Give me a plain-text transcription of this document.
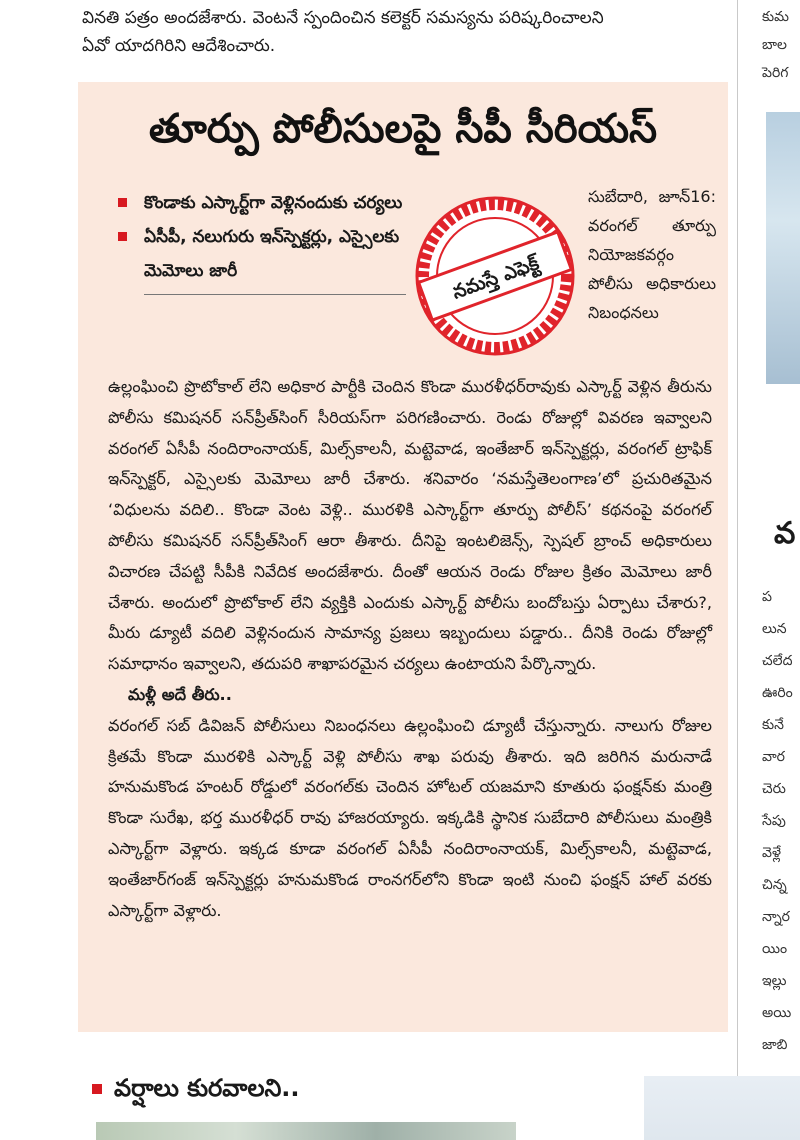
వినతి పత్రం అందజేశారు. వెంటనే స్పందించిన కలెక్టర్ సమస్యను పరిష్కరించాలని

ఏవో యాదగిరిని ఆదేశించారు.

తూర్పు పోలీసులపై సీపీ సీరియస్
కొండాకు ఎస్కార్ట్‌గా వెళ్లినందుకు చర్యలు
ఏసీపీ, నలుగురు ఇన్‌స్పెక్టర్లు, ఎస్సైలకు మెమోలు జారీ	నమస్తే ఎఫెక్ట్
సుబేదారి, జూన్16: వరంగల్ తూర్పు నియోజకవర్గం పోలీసు అధికారులు నిబంధనలు

ఉల్లంఘించి ప్రొటోకాల్ లేని అధికార పార్టీకి చెందిన కొండా మురళీధర్‌రావుకు ఎస్కార్ట్ వెళ్లిన తీరును పోలీసు కమిషనర్ సన్‌ప్రీత్‌సింగ్ సీరియస్‌గా పరిగణించారు. రెండు రోజుల్లో వివరణ ఇవ్వాలని వరంగల్ ఏసీపీ నందిరాంనాయక్, మిల్స్‌కాలనీ, మట్టెవాడ, ఇంతేజార్ ఇన్‌స్పెక్టర్లు, వరంగల్ ట్రాఫిక్ ఇన్‌స్పెక్టర్, ఎస్సైలకు మెమోలు జారీ చేశారు. శనివారం ‘నమస్తేతెలంగాణ’లో ప్రచురితమైన ‘విధులను వదిలి.. కొండా వెంట వెళ్లి.. మురళికి ఎస్కార్ట్‌గా తూర్పు పోలీస్’ కథనంపై వరంగల్ పోలీసు కమిషనర్ సన్‌ప్రీత్‌సింగ్ ఆరా తీశారు. దీనిపై ఇంటలిజెన్స్, స్పెషల్ బ్రాంచ్ అధికారులు విచారణ చేపట్టి సీపీకి నివేదిక అందజేశారు. దీంతో ఆయన రెండు రోజుల క్రితం మెమోలు జారీ చేశారు. అందులో ప్రొటోకాల్ లేని వ్యక్తికి ఎందుకు ఎస్కార్ట్ పోలీసు బందోబస్తు ఏర్పాటు చేశారు?, మీరు డ్యూటీ వదిలి వెళ్లినందున సామాన్య ప్రజలు ఇబ్బందులు పడ్డారు.. దీనికి రెండు రోజుల్లో సమాధానం ఇవ్వాలని, తదుపరి శాఖాపరమైన చర్యలు ఉంటాయని పేర్కొన్నారు.

మళ్లీ అదే తీరు..

వరంగల్ సబ్ డివిజన్ పోలీసులు నిబంధనలు ఉల్లంఘించి డ్యూటీ చేస్తున్నారు. నాలుగు రోజుల క్రితమే కొండా మురళికి ఎస్కార్ట్ వెళ్లి పోలీసు శాఖ పరువు తీశారు. ఇది జరిగిన మరునాడే హనుమకొండ హంటర్ రోడ్డులో వరంగల్‌కు చెందిన హోటల్ యజమాని కూతురు ఫంక్షన్‌కు మంత్రి కొండా సురేఖ, భర్త మురళీధర్ రావు హాజరయ్యారు. ఇక్కడికి స్థానిక సుబేదారి పోలీసులు మంత్రికి ఎస్కార్ట్‌గా వెళ్లారు. ఇక్కడ కూడా వరంగల్ ఏసీపీ నందిరాంనాయక్, మిల్స్‌కాలనీ, మట్టెవాడ, ఇంతేజార్‌గంజ్ ఇన్‌స్పెక్టర్లు హనుమకొండ రాంనగర్‌లోని కొండా ఇంటి నుంచి ఫంక్షన్ హాల్ వరకు ఎస్కార్ట్‌గా వెళ్లారు.

కుమ
బాల
పెరిగ
ప
లున
చలేద
ఊరిం
కునే
వార
చెరు
సేపు
వెళ్లే
చిన్న
న్నార
యిం
ఇల్లు
అయి
జాబి
వ
వర్షాలు కురవాలని..
